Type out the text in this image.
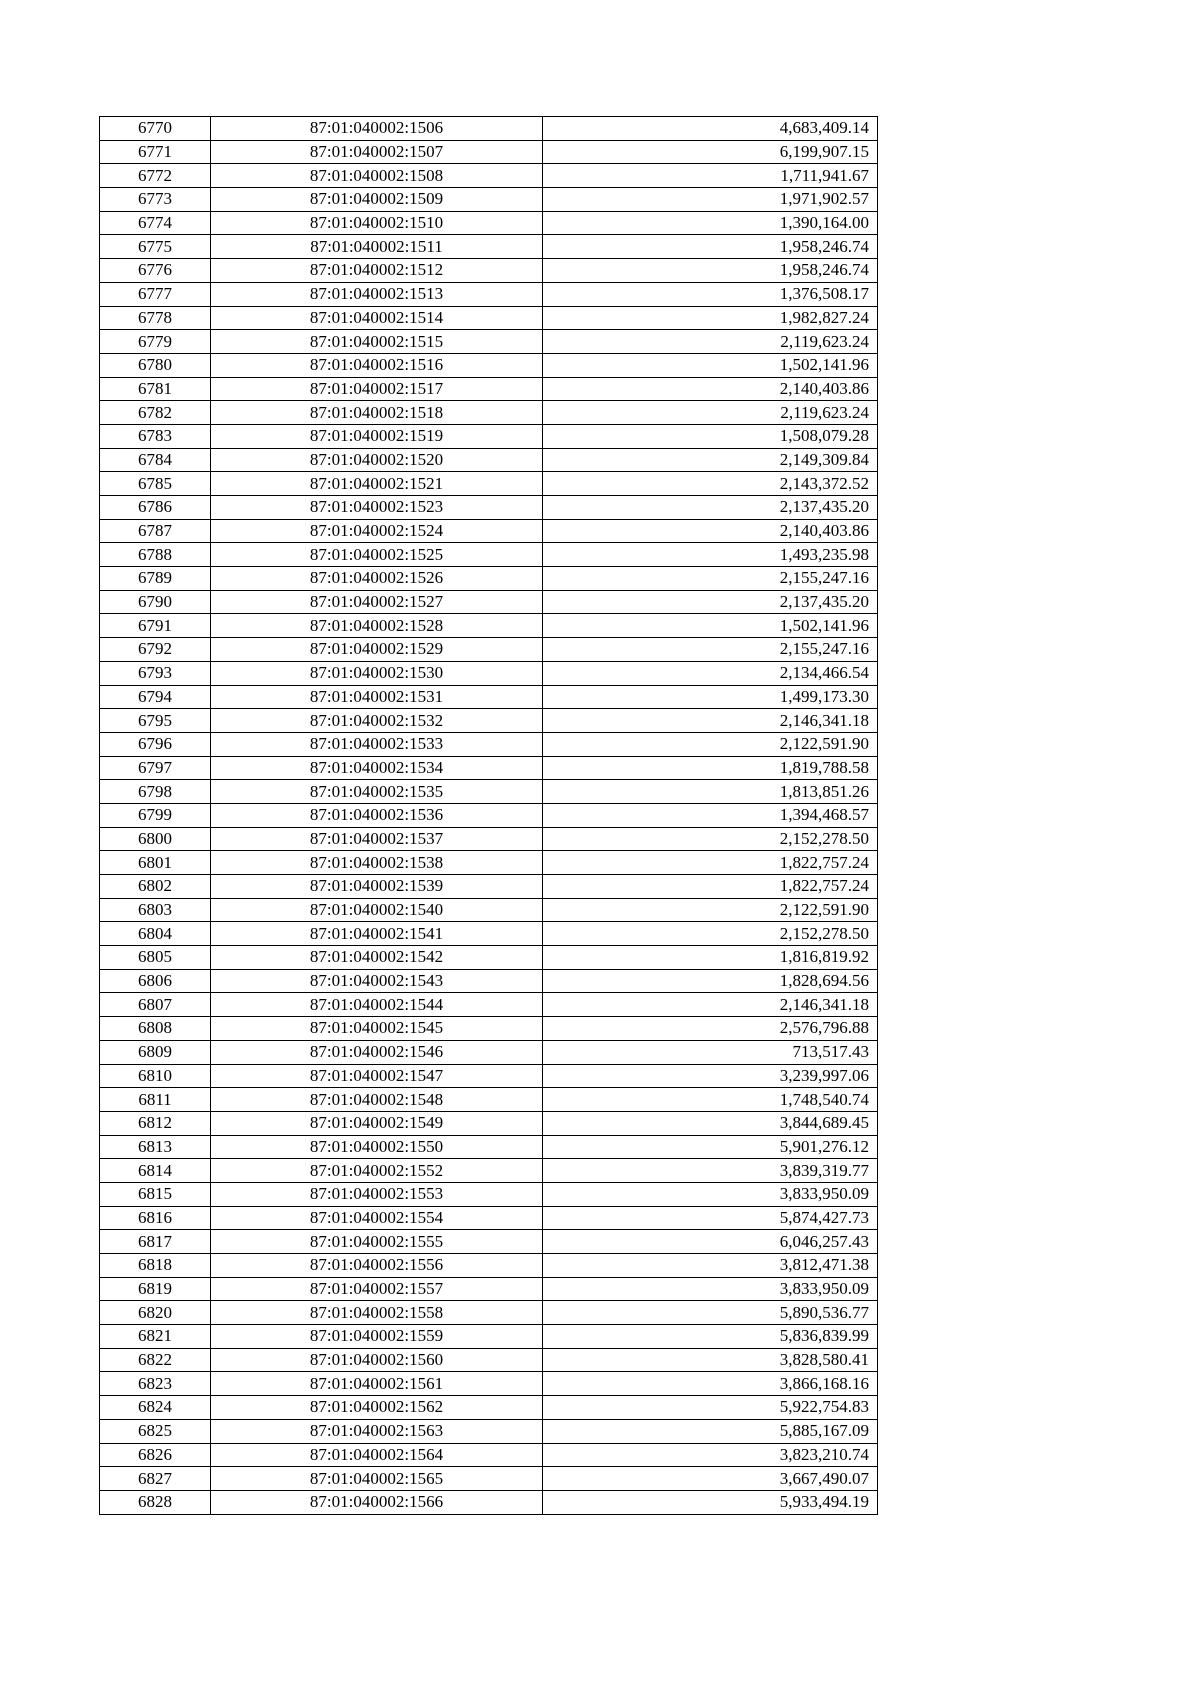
6770	87:01:040002:1506	4,683,409.14
6771	87:01:040002:1507	6,199,907.15
6772	87:01:040002:1508	1,711,941.67
6773	87:01:040002:1509	1,971,902.57
6774	87:01:040002:1510	1,390,164.00
6775	87:01:040002:1511	1,958,246.74
6776	87:01:040002:1512	1,958,246.74
6777	87:01:040002:1513	1,376,508.17
6778	87:01:040002:1514	1,982,827.24
6779	87:01:040002:1515	2,119,623.24
6780	87:01:040002:1516	1,502,141.96
6781	87:01:040002:1517	2,140,403.86
6782	87:01:040002:1518	2,119,623.24
6783	87:01:040002:1519	1,508,079.28
6784	87:01:040002:1520	2,149,309.84
6785	87:01:040002:1521	2,143,372.52
6786	87:01:040002:1523	2,137,435.20
6787	87:01:040002:1524	2,140,403.86
6788	87:01:040002:1525	1,493,235.98
6789	87:01:040002:1526	2,155,247.16
6790	87:01:040002:1527	2,137,435.20
6791	87:01:040002:1528	1,502,141.96
6792	87:01:040002:1529	2,155,247.16
6793	87:01:040002:1530	2,134,466.54
6794	87:01:040002:1531	1,499,173.30
6795	87:01:040002:1532	2,146,341.18
6796	87:01:040002:1533	2,122,591.90
6797	87:01:040002:1534	1,819,788.58
6798	87:01:040002:1535	1,813,851.26
6799	87:01:040002:1536	1,394,468.57
6800	87:01:040002:1537	2,152,278.50
6801	87:01:040002:1538	1,822,757.24
6802	87:01:040002:1539	1,822,757.24
6803	87:01:040002:1540	2,122,591.90
6804	87:01:040002:1541	2,152,278.50
6805	87:01:040002:1542	1,816,819.92
6806	87:01:040002:1543	1,828,694.56
6807	87:01:040002:1544	2,146,341.18
6808	87:01:040002:1545	2,576,796.88
6809	87:01:040002:1546	713,517.43
6810	87:01:040002:1547	3,239,997.06
6811	87:01:040002:1548	1,748,540.74
6812	87:01:040002:1549	3,844,689.45
6813	87:01:040002:1550	5,901,276.12
6814	87:01:040002:1552	3,839,319.77
6815	87:01:040002:1553	3,833,950.09
6816	87:01:040002:1554	5,874,427.73
6817	87:01:040002:1555	6,046,257.43
6818	87:01:040002:1556	3,812,471.38
6819	87:01:040002:1557	3,833,950.09
6820	87:01:040002:1558	5,890,536.77
6821	87:01:040002:1559	5,836,839.99
6822	87:01:040002:1560	3,828,580.41
6823	87:01:040002:1561	3,866,168.16
6824	87:01:040002:1562	5,922,754.83
6825	87:01:040002:1563	5,885,167.09
6826	87:01:040002:1564	3,823,210.74
6827	87:01:040002:1565	3,667,490.07
6828	87:01:040002:1566	5,933,494.19
